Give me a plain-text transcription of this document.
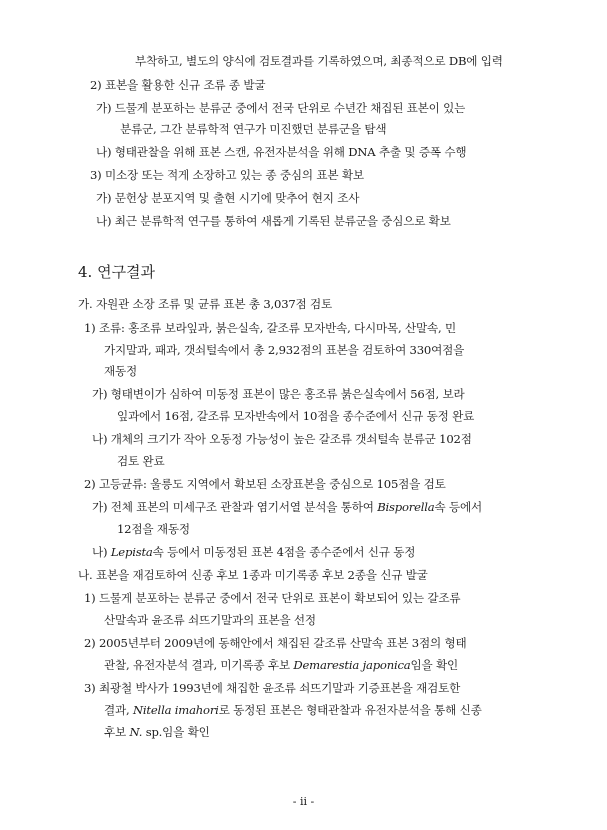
부착하고, 별도의 양식에 검토결과를 기록하였으며, 최종적으로 DB에 입력
2) 표본을 활용한 신규 조류 종 발굴
가) 드물게 분포하는 분류군 중에서 전국 단위로 수년간 채집된 표본이 있는
분류군, 그간 분류학적 연구가 미진했던 분류군을 탐색
나) 형태관찰을 위해 표본 스캔, 유전자분석을 위해 DNA 추출 및 증폭 수행
3) 미소장 또는 적게 소장하고 있는 종 중심의 표본 확보
가) 문헌상 분포지역 및 출현 시기에 맞추어 현지 조사
나) 최근 분류학적 연구를 통하여 새롭게 기록된 분류군을 중심으로 확보
4. 연구결과
가. 자원관 소장 조류 및 균류 표본 총 3,037점 검토
1) 조류: 홍조류 보라잎과, 붉은실속, 갈조류 모자반속, 다시마목, 산말속, 민
가지말과, 패과, 갯쇠털속에서 총 2,932점의 표본을 검토하여 330여점을
재동정
가) 형태변이가 심하여 미동정 표본이 많은 홍조류 붉은실속에서 56점, 보라
잎과에서 16점, 갈조류 모자반속에서 10점을 종수준에서 신규 동정 완료
나) 개체의 크기가 작아 오동정 가능성이 높은 갈조류 갯쇠털속 분류군 102점
검토 완료
2) 고등균류: 울릉도 지역에서 확보된 소장표본을 중심으로 105점을 검토
가) 전체 표본의 미세구조 관찰과 염기서열 분석을 통하여 Bisporella속 등에서
12점을 재동정
나) Lepista속 등에서 미동정된 표본 4점을 종수준에서 신규 동정
나. 표본을 재검토하여 신종 후보 1종과 미기록종 후보 2종을 신규 발굴
1) 드물게 분포하는 분류군 중에서 전국 단위로 표본이 확보되어 있는 갈조류
산말속과 윤조류 쇠뜨기말과의 표본을 선정
2) 2005년부터 2009년에 동해안에서 채집된 갈조류 산말속 표본 3점의 형태
관찰, 유전자분석 결과, 미기록종 후보 Demarestia japonica임을 확인
3) 최광철 박사가 1993년에 채집한 윤조류 쇠뜨기말과 기증표본을 재검토한
결과, Nitella imahori로 동정된 표본은 형태관찰과 유전자분석을 통해 신종
후보 N. sp.임을 확인
- ii -
